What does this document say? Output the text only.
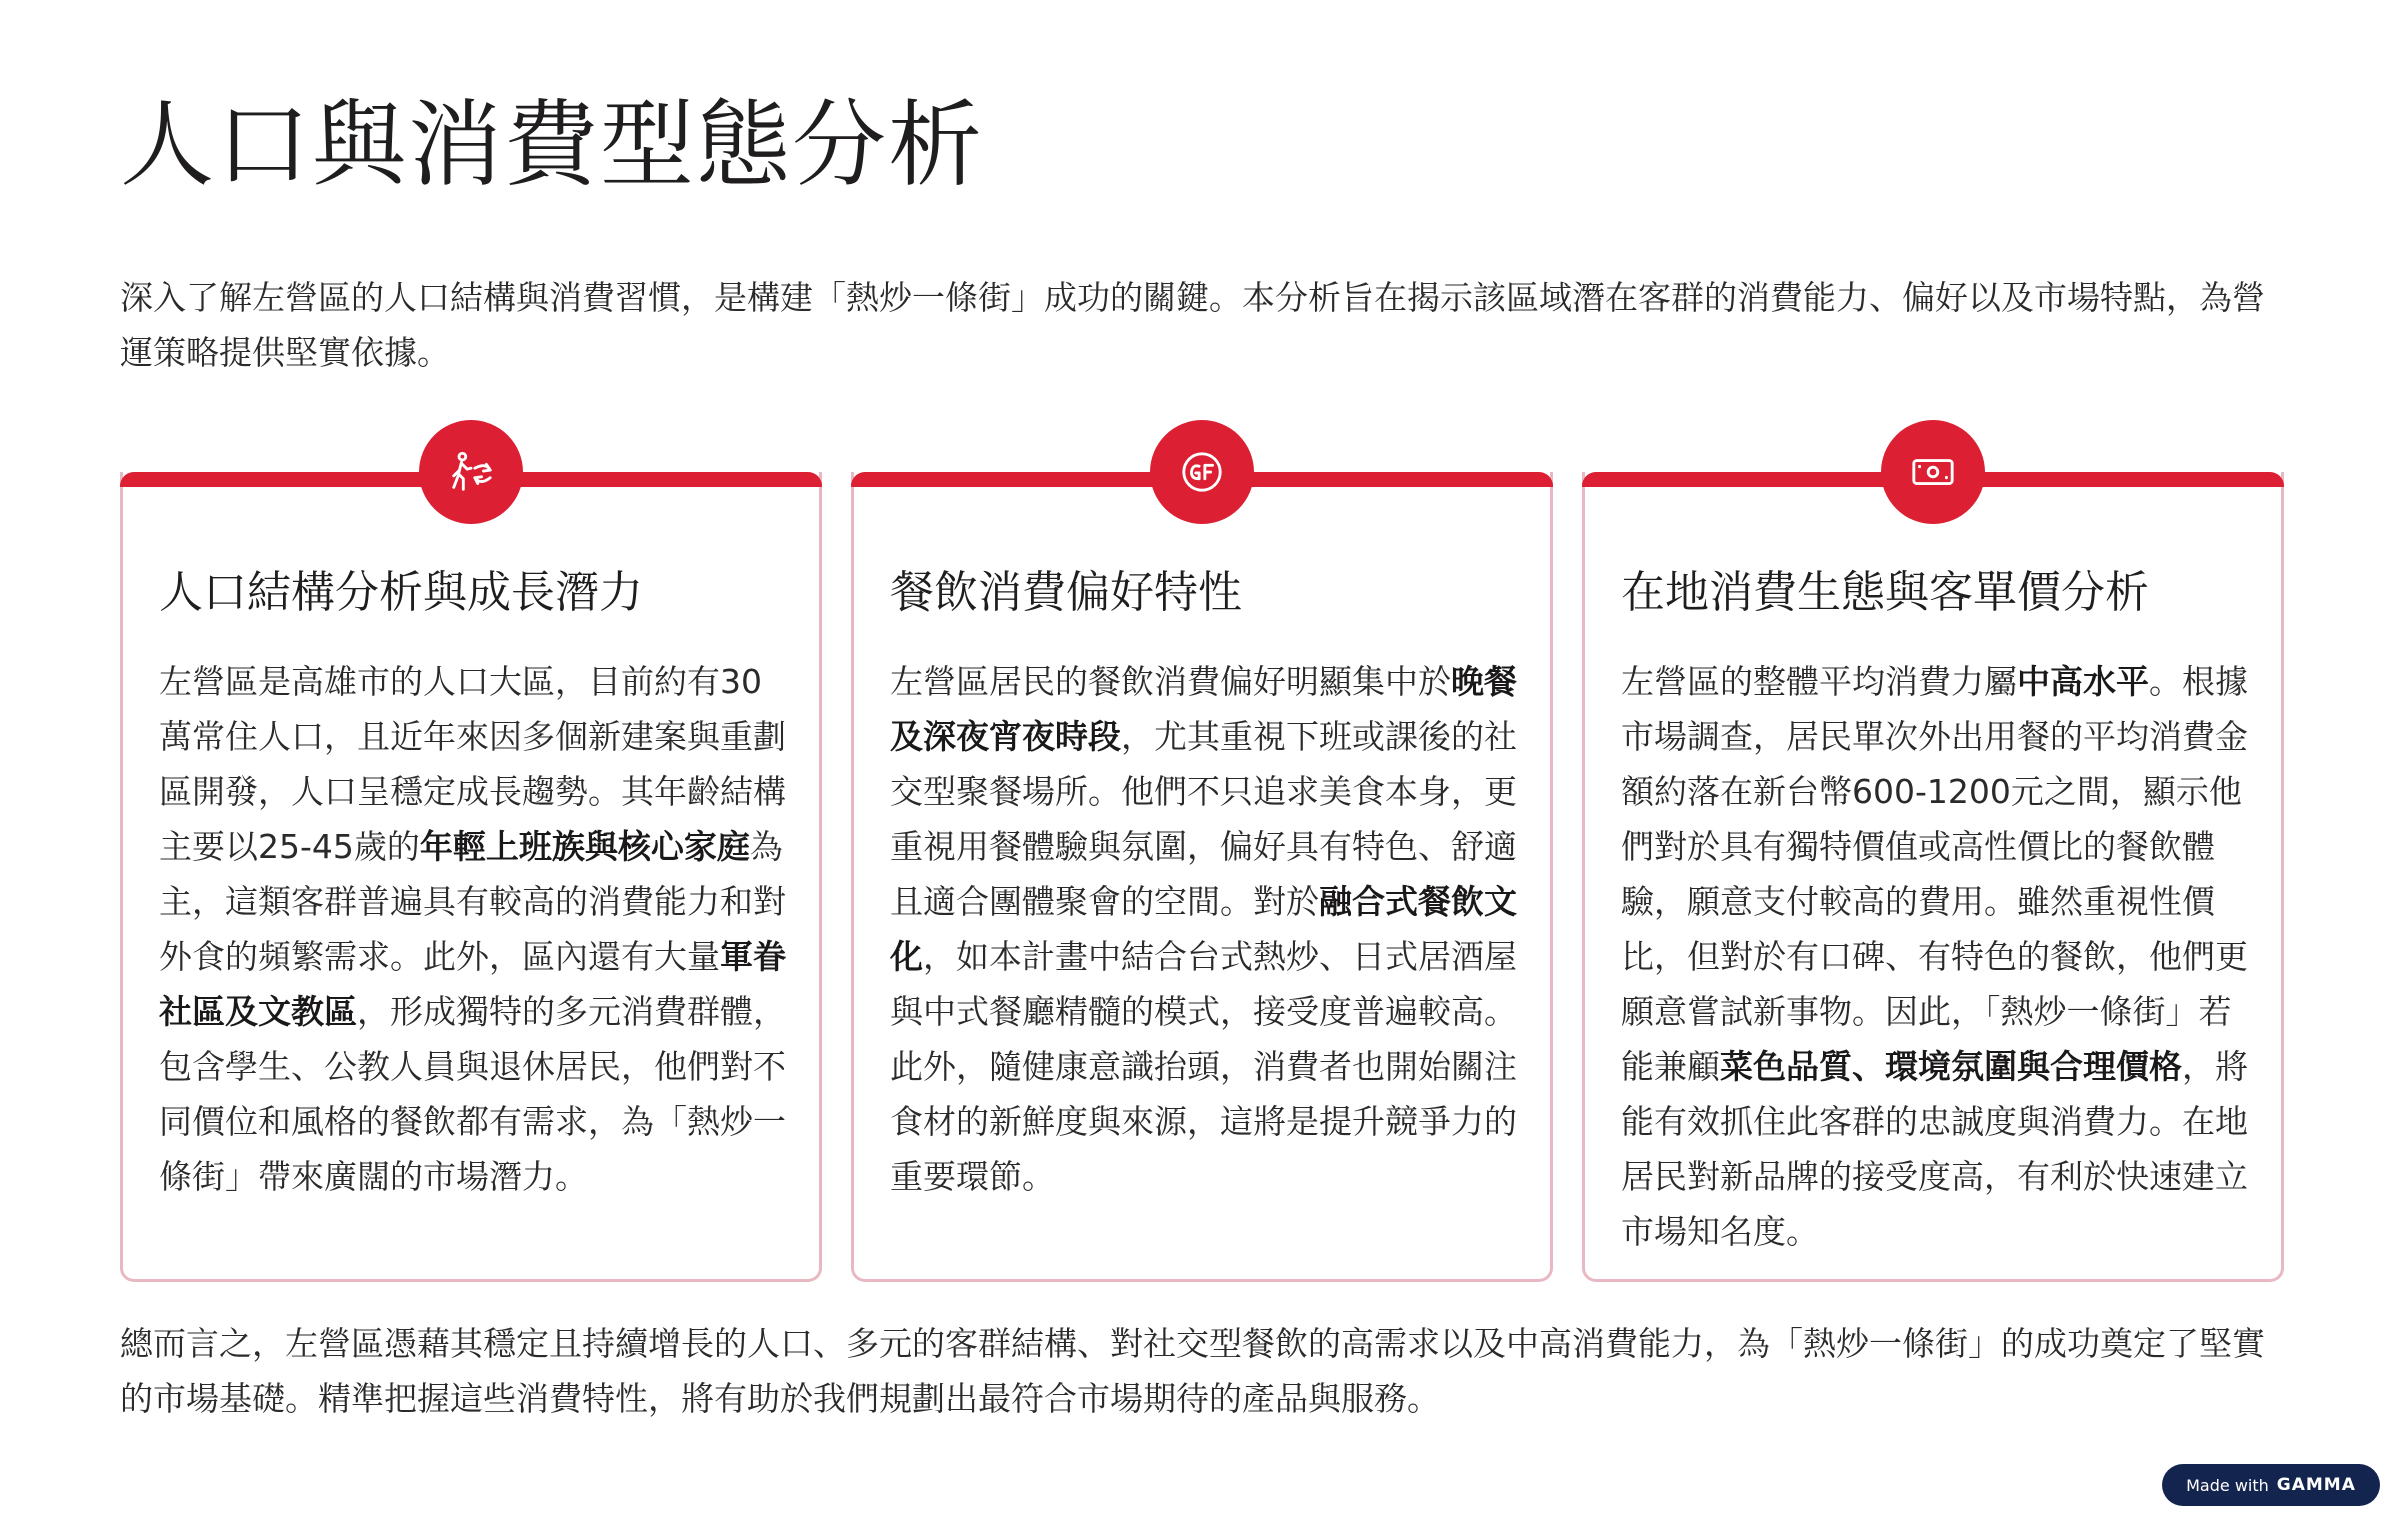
人口與消費型態分析

深入了解左營區的人口結構與消費習慣，是構建「熱炒一條街」成功的關鍵。本分析旨在揭示該區域潛在客群的消費能力、偏好以及市場特點，為營運策略提供堅實依據。

人口結構分析與成長潛力

左營區是高雄市的人口大區，目前約有30萬常住人口，且近年來因多個新建案與重劃區開發，人口呈穩定成長趨勢。其年齡結構主要以25-45歲的年輕上班族與核心家庭為主，這類客群普遍具有較高的消費能力和對外食的頻繁需求。此外，區內還有大量軍眷社區及文教區，形成獨特的多元消費群體，包含學生、公教人員與退休居民，他們對不同價位和風格的餐飲都有需求，為「熱炒一條街」帶來廣闊的市場潛力。

餐飲消費偏好特性

左營區居民的餐飲消費偏好明顯集中於晚餐及深夜宵夜時段，尤其重視下班或課後的社交型聚餐場所。他們不只追求美食本身，更重視用餐體驗與氛圍，偏好具有特色、舒適且適合團體聚會的空間。對於融合式餐飲文化，如本計畫中結合台式熱炒、日式居酒屋與中式餐廳精髓的模式，接受度普遍較高。此外，隨健康意識抬頭，消費者也開始關注食材的新鮮度與來源，這將是提升競爭力的重要環節。

在地消費生態與客單價分析

左營區的整體平均消費力屬中高水平。根據市場調查，居民單次外出用餐的平均消費金額約落在新台幣600-1200元之間，顯示他們對於具有獨特價值或高性價比的餐飲體驗，願意支付較高的費用。雖然重視性價比，但對於有口碑、有特色的餐飲，他們更願意嘗試新事物。因此，「熱炒一條街」若能兼顧菜色品質、環境氛圍與合理價格，將能有效抓住此客群的忠誠度與消費力。在地居民對新品牌的接受度高，有利於快速建立市場知名度。

總而言之，左營區憑藉其穩定且持續增長的人口、多元的客群結構、對社交型餐飲的高需求以及中高消費能力，為「熱炒一條街」的成功奠定了堅實的市場基礎。精準把握這些消費特性，將有助於我們規劃出最符合市場期待的產品與服務。

Made with GAMMA
